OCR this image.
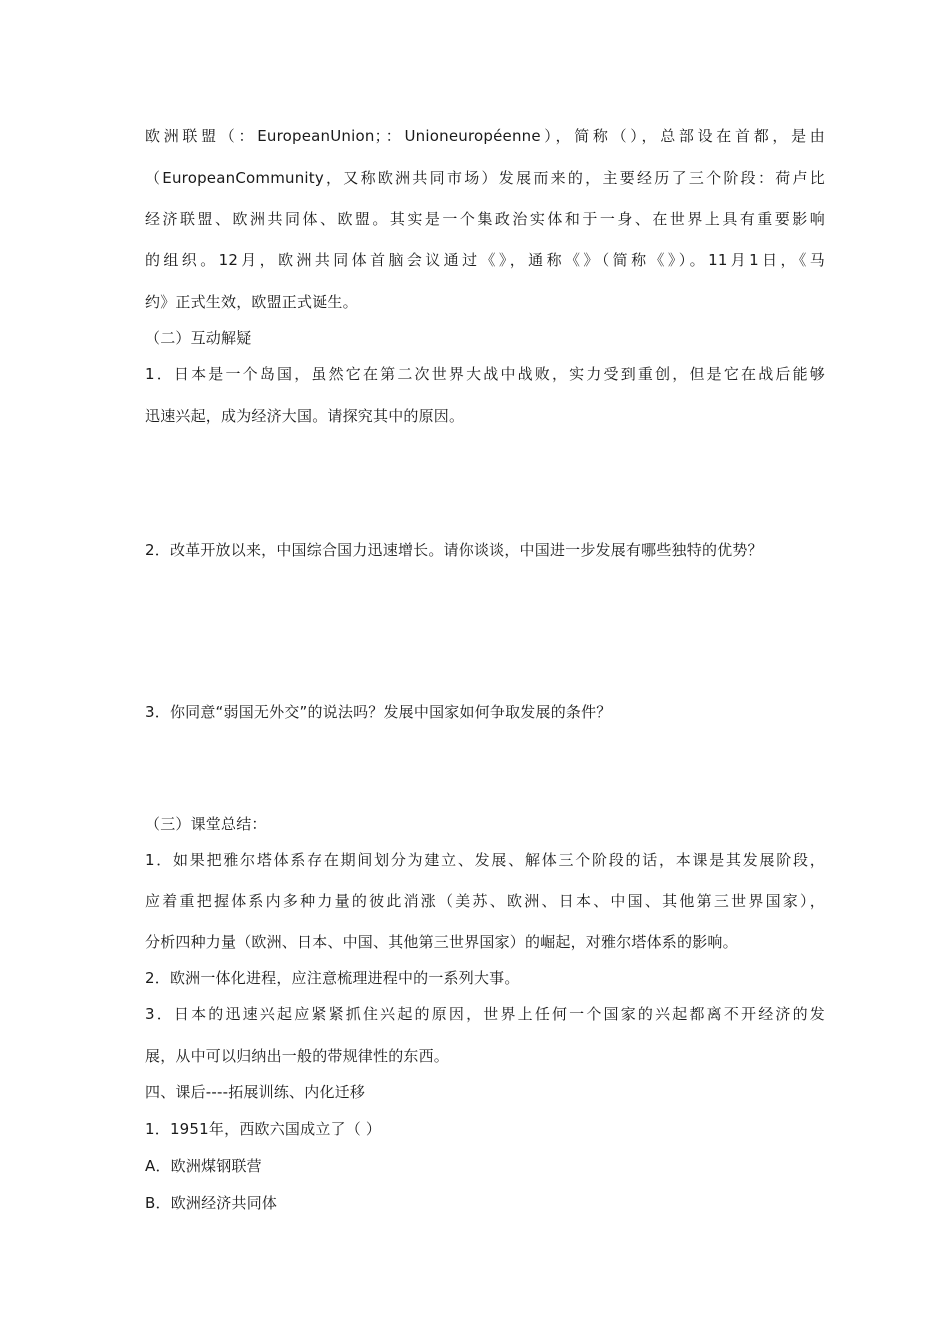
欧洲联盟（：EuropeanUnion；：Unioneuropéenne），简称（），总部设在首都，是由
（EuropeanCommunity，又称欧洲共同市场）发展而来的，主要经历了三个阶段：荷卢比
经济联盟、欧洲共同体、欧盟。其实是一个集政治实体和于一身、在世界上具有重要影响
的组织。12月，欧洲共同体首脑会议通过《》，通称《》（简称《》）。11月1日，《马
约》正式生效，欧盟正式诞生。
（二）互动解疑
1．日本是一个岛国，虽然它在第二次世界大战中战败，实力受到重创，但是它在战后能够
迅速兴起，成为经济大国。请探究其中的原因。
2．改革开放以来，中国综合国力迅速增长。请你谈谈，中国进一步发展有哪些独特的优势？
3．你同意“弱国无外交”的说法吗？发展中国家如何争取发展的条件？
（三）课堂总结：
1．如果把雅尔塔体系存在期间划分为建立、发展、解体三个阶段的话，本课是其发展阶段，
应着重把握体系内多种力量的彼此消涨（美苏、欧洲、日本、中国、其他第三世界国家），
分析四种力量（欧洲、日本、中国、其他第三世界国家）的崛起，对雅尔塔体系的影响。
2．欧洲一体化进程，应注意梳理进程中的一系列大事。
3．日本的迅速兴起应紧紧抓住兴起的原因，世界上任何一个国家的兴起都离不开经济的发
展，从中可以归纳出一般的带规律性的东西。
四、课后----拓展训练、内化迁移
1．1951年，西欧六国成立了（ ）
A．欧洲煤钢联营
B．欧洲经济共同体
